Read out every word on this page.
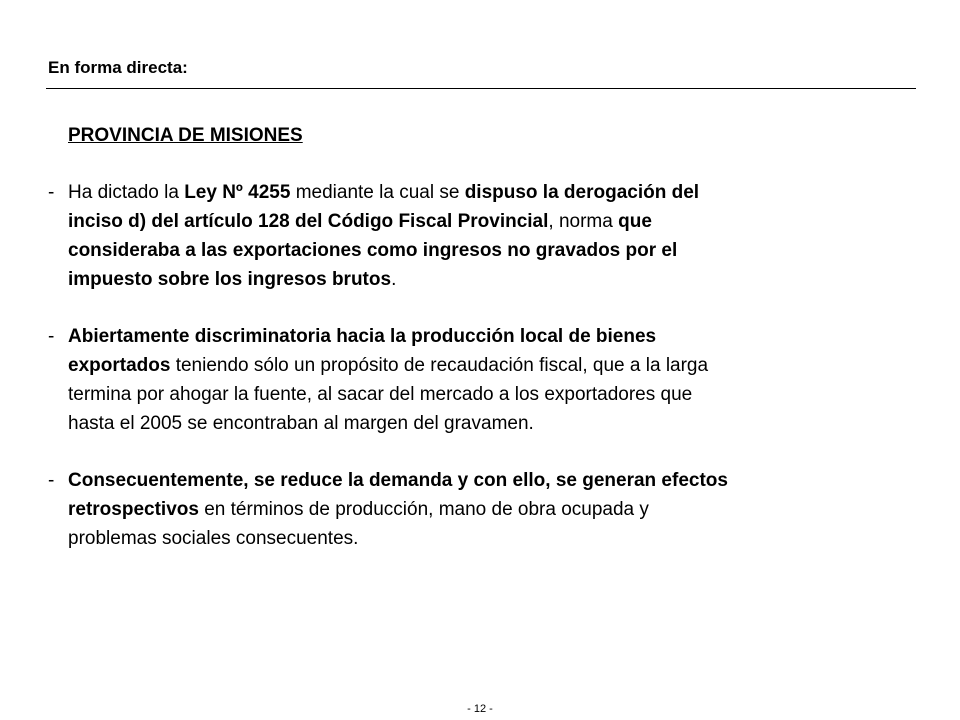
En forma directa:
PROVINCIA DE MISIONES
- Ha dictado la Ley Nº 4255 mediante la cual se dispuso la derogación del
inciso d) del artículo 128 del Código Fiscal Provincial, norma que
consideraba a las exportaciones como ingresos no gravados por el
impuesto sobre los ingresos brutos.
- Abiertamente discriminatoria hacia la producción local de bienes
exportados teniendo sólo un propósito de recaudación fiscal, que a la larga
termina por ahogar la fuente, al sacar del mercado a los exportadores que
hasta el 2005 se encontraban al margen del gravamen.
- Consecuentemente, se reduce la demanda y con ello, se generan efectos
retrospectivos en términos de producción, mano de obra ocupada y
problemas sociales consecuentes.
- 12 -
